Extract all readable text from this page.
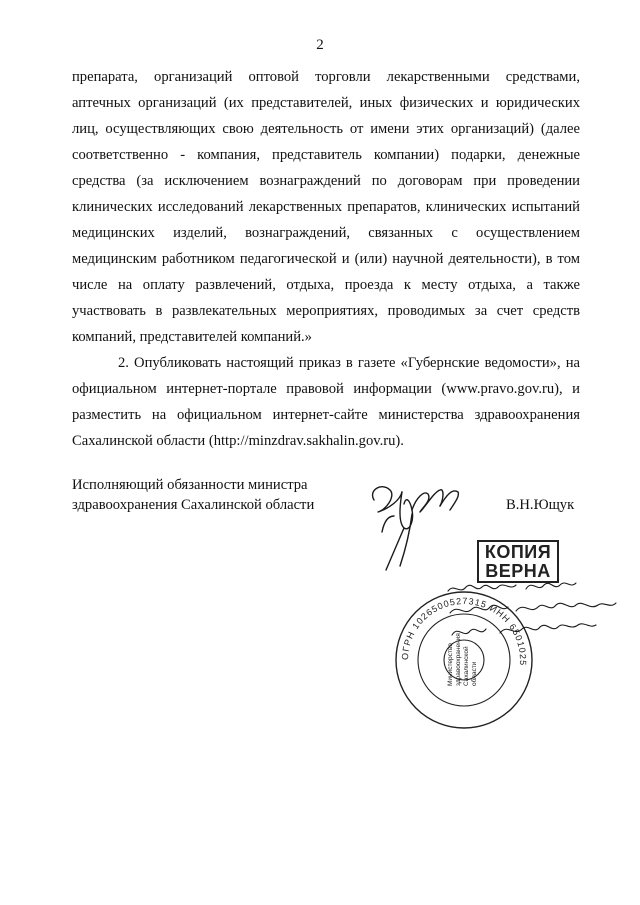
2

препарата, организаций оптовой торговли лекарственными средствами, аптечных организаций (их представителей, иных физических и юридических лиц, осуществляющих свою деятельность от имени этих организаций) (далее соответственно - компания, представитель компании) подарки, денежные средства (за исключением вознаграждений по договорам при проведении клинических исследований лекарственных препаратов, клинических испытаний медицинских изделий, вознаграждений, связанных с осуществлением медицинским работником педагогической и (или) научной деятельности), в том числе на оплату развлечений, отдыха, проезда к месту отдыха, а также участвовать в развлекательных мероприятиях, проводимых за счет средств компаний, представителей компаний.»

2. Опубликовать настоящий приказ в газете «Губернские ведомости», на официальном интернет-портале правовой информации (www.pravo.gov.ru), и разместить на официальном интернет-сайте министерства здравоохранения Сахалинской области (http://minzdrav.sakhalin.gov.ru).

Исполняющий обязанности министра здравоохранения Сахалинской области	В.Н.Ющук
КОПИЯ
ВЕРНА
ОГРН 1026500527315 ИНН 6501025
Министерство здравоохранения Сахалинской области
